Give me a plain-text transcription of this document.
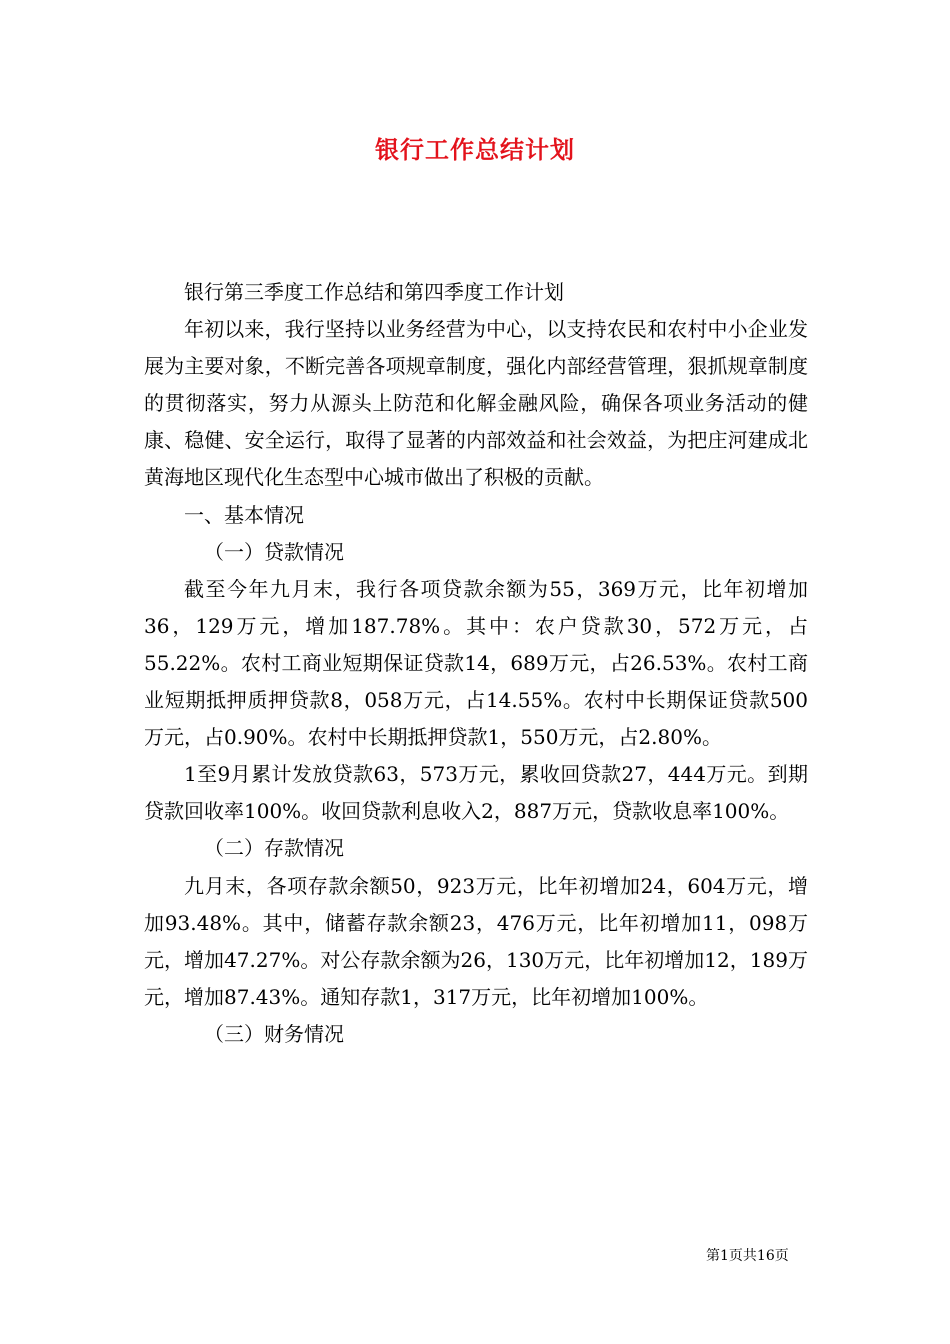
银行工作总结计划

银行第三季度工作总结和第四季度工作计划

年初以来，我行坚持以业务经营为中心，以支持农民和农村中小企业发展为主要对象，不断完善各项规章制度，强化内部经营管理，狠抓规章制度的贯彻落实，努力从源头上防范和化解金融风险，确保各项业务活动的健康、稳健、安全运行，取得了显著的内部效益和社会效益，为把庄河建成北黄海地区现代化生态型中心城市做出了积极的贡献。

一、基本情况

（一）贷款情况

截至今年九月末，我行各项贷款余额为55，369万元，比年初增加36，129万元，增加187.78%。其中：农户贷款30，572万元，占55.22%。农村工商业短期保证贷款14，689万元，占26.53%。农村工商业短期抵押质押贷款8，058万元，占14.55%。农村中长期保证贷款500万元，占0.90%。农村中长期抵押贷款1，550万元，占2.80%。

1至9月累计发放贷款63，573万元，累收回贷款27，444万元。到期贷款回收率100%。收回贷款利息收入2，887万元，贷款收息率100%。

（二）存款情况

九月末，各项存款余额50，923万元，比年初增加24，604万元，增加93.48%。其中，储蓄存款余额23，476万元，比年初增加11，098万元，增加47.27%。对公存款余额为26，130万元，比年初增加12，189万元，增加87.43%。通知存款1，317万元，比年初增加100%。

（三）财务情况

第1页共16页
